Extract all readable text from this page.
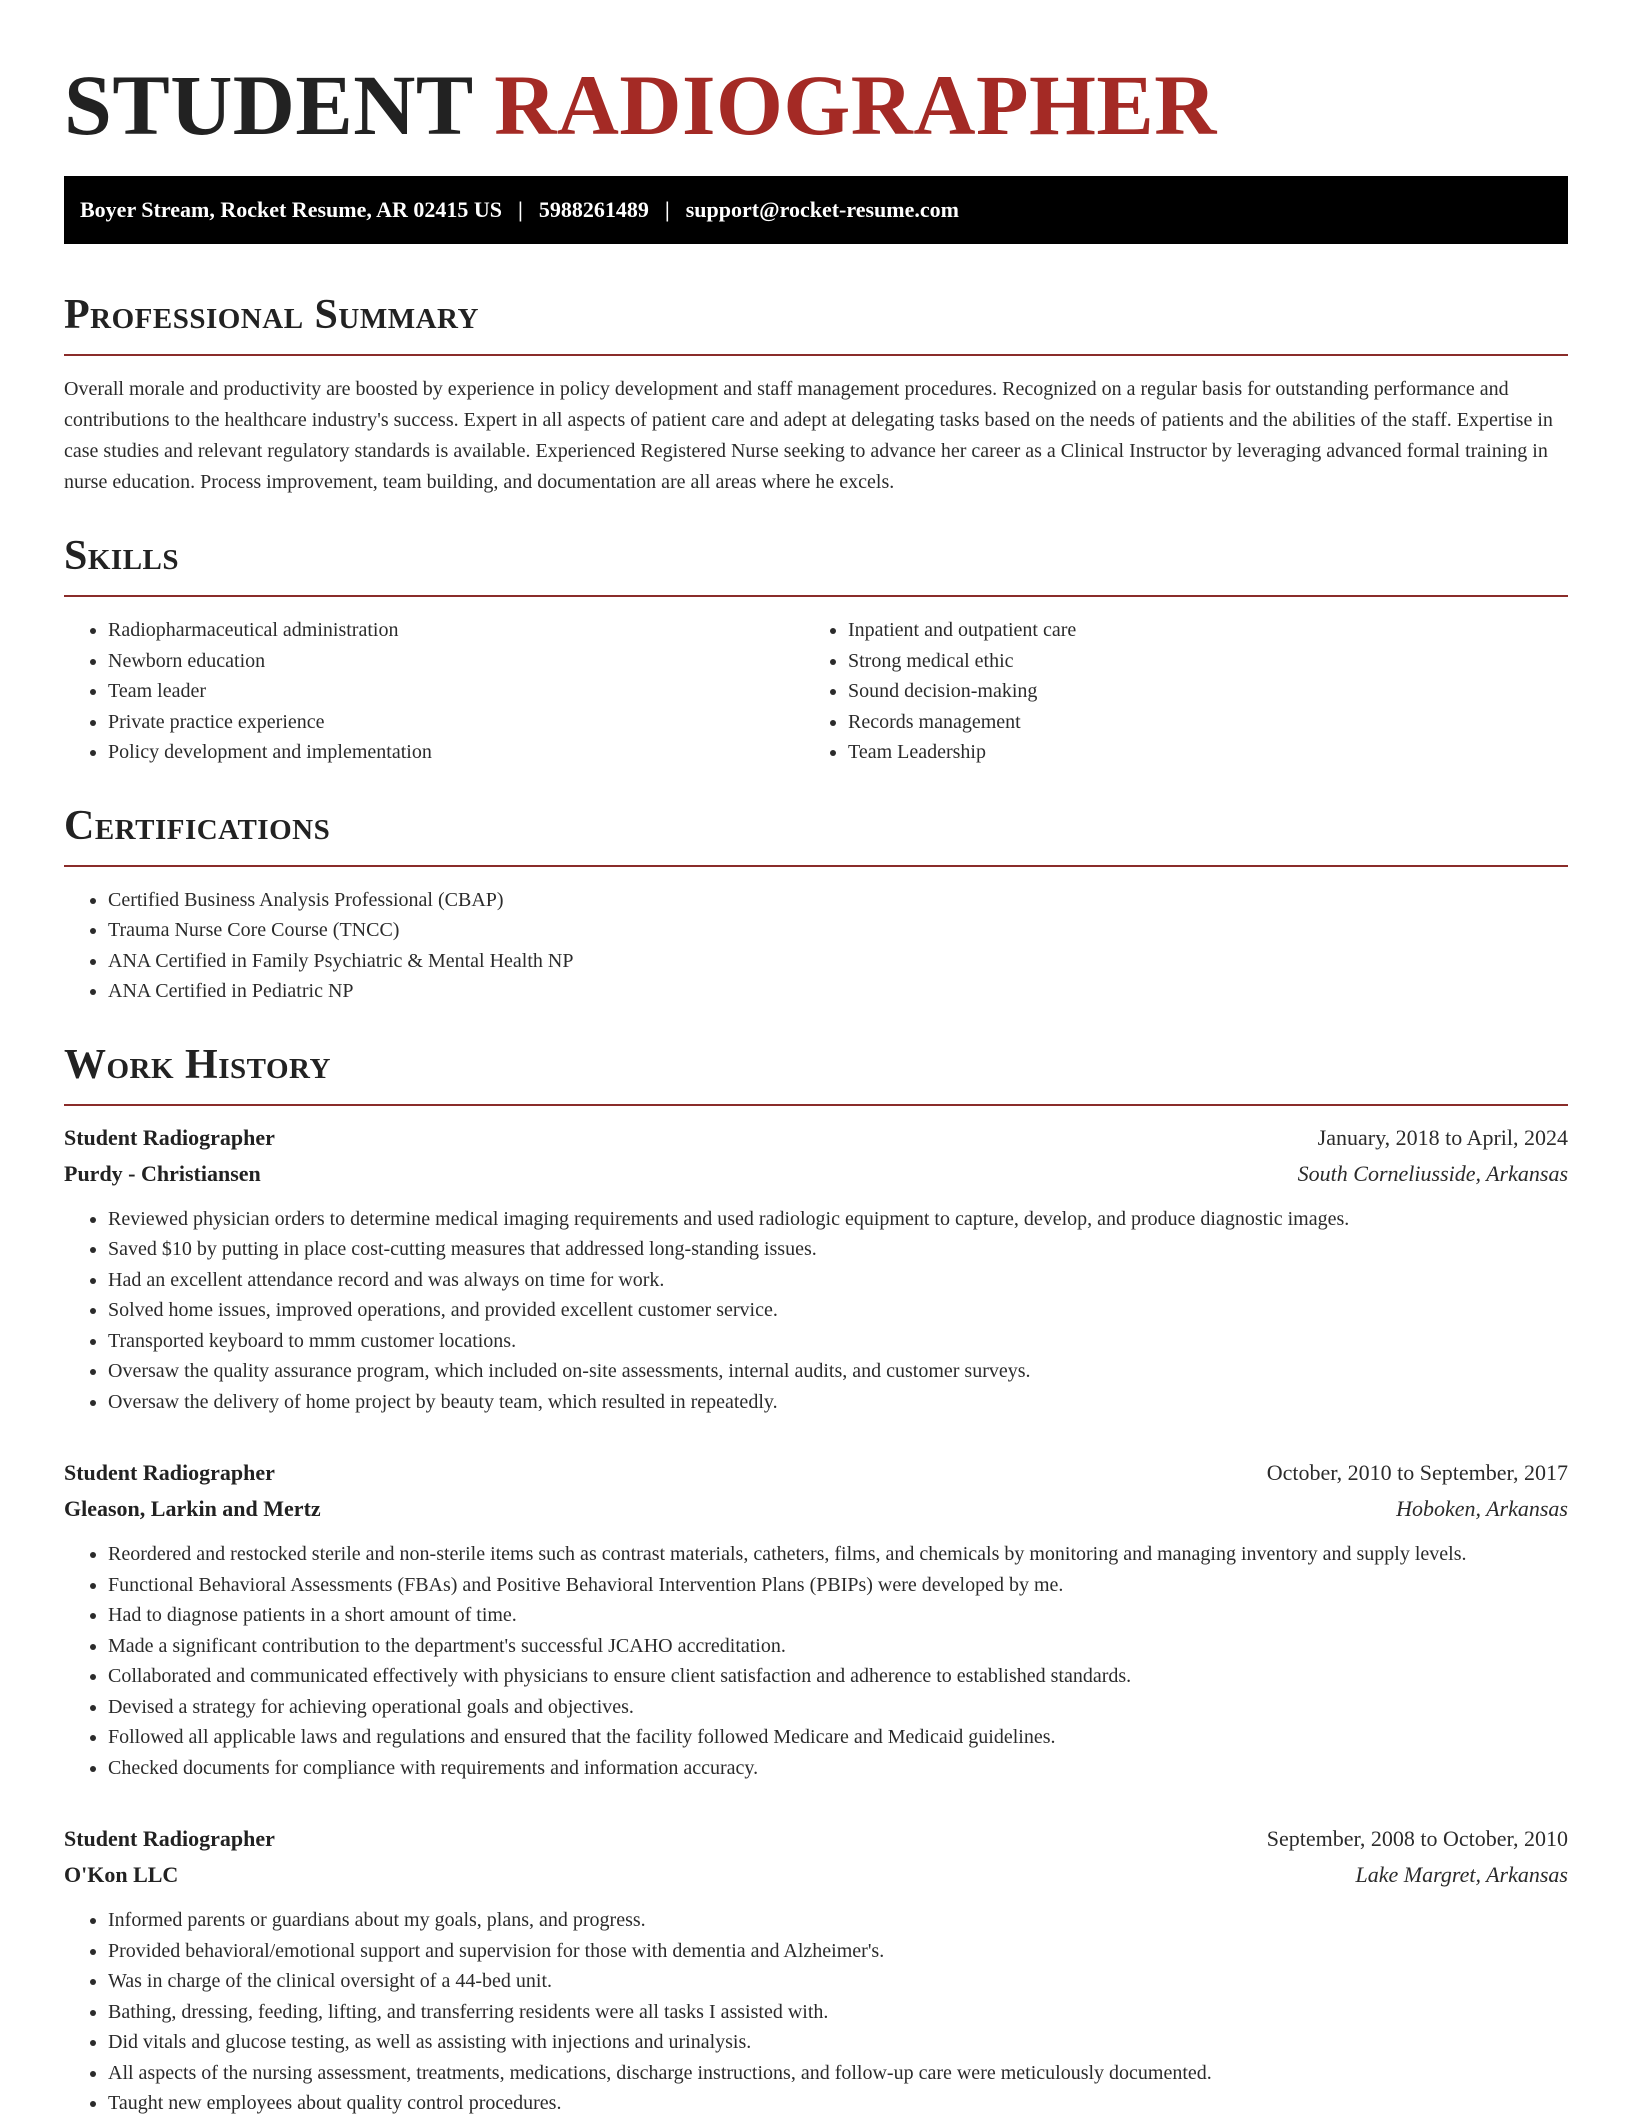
STUDENT RADIOGRAPHER
Boyer Stream, Rocket Resume, AR 02415 US | 5988261489 | support@rocket-resume.com
Professional Summary

Overall morale and productivity are boosted by experience in policy development and staff management procedures. Recognized on a regular basis for outstanding performance and contributions to the healthcare industry's success. Expert in all aspects of patient care and adept at delegating tasks based on the needs of patients and the abilities of the staff. Expertise in case studies and relevant regulatory standards is available. Experienced Registered Nurse seeking to advance her career as a Clinical Instructor by leveraging advanced formal training in nurse education. Process improvement, team building, and documentation are all areas where he excels.

Skills
• Radiopharmaceutical administration
• Newborn education
• Team leader
• Private practice experience
• Policy development and implementation
• Inpatient and outpatient care
• Strong medical ethic
• Sound decision-making
• Records management
• Team Leadership
Certifications
• Certified Business Analysis Professional (CBAP)
• Trauma Nurse Core Course (TNCC)
• ANA Certified in Family Psychiatric & Mental Health NP
• ANA Certified in Pediatric NP
Work History
Student Radiographer	January, 2018 to April, 2024
Purdy - Christiansen	South Corneliusside, Arkansas
• Reviewed physician orders to determine medical imaging requirements and used radiologic equipment to capture, develop, and produce diagnostic images.
• Saved $10 by putting in place cost-cutting measures that addressed long-standing issues.
• Had an excellent attendance record and was always on time for work.
• Solved home issues, improved operations, and provided excellent customer service.
• Transported keyboard to mmm customer locations.
• Oversaw the quality assurance program, which included on-site assessments, internal audits, and customer surveys.
• Oversaw the delivery of home project by beauty team, which resulted in repeatedly.
Student Radiographer	October, 2010 to September, 2017
Gleason, Larkin and Mertz	Hoboken, Arkansas
• Reordered and restocked sterile and non-sterile items such as contrast materials, catheters, films, and chemicals by monitoring and managing inventory and supply levels.
• Functional Behavioral Assessments (FBAs) and Positive Behavioral Intervention Plans (PBIPs) were developed by me.
• Had to diagnose patients in a short amount of time.
• Made a significant contribution to the department's successful JCAHO accreditation.
• Collaborated and communicated effectively with physicians to ensure client satisfaction and adherence to established standards.
• Devised a strategy for achieving operational goals and objectives.
• Followed all applicable laws and regulations and ensured that the facility followed Medicare and Medicaid guidelines.
• Checked documents for compliance with requirements and information accuracy.
Student Radiographer	September, 2008 to October, 2010
O'Kon LLC	Lake Margret, Arkansas
• Informed parents or guardians about my goals, plans, and progress.
• Provided behavioral/emotional support and supervision for those with dementia and Alzheimer's.
• Was in charge of the clinical oversight of a 44-bed unit.
• Bathing, dressing, feeding, lifting, and transferring residents were all tasks I assisted with.
• Did vitals and glucose testing, as well as assisting with injections and urinalysis.
• All aspects of the nursing assessment, treatments, medications, discharge instructions, and follow-up care were meticulously documented.
• Taught new employees about quality control procedures.
